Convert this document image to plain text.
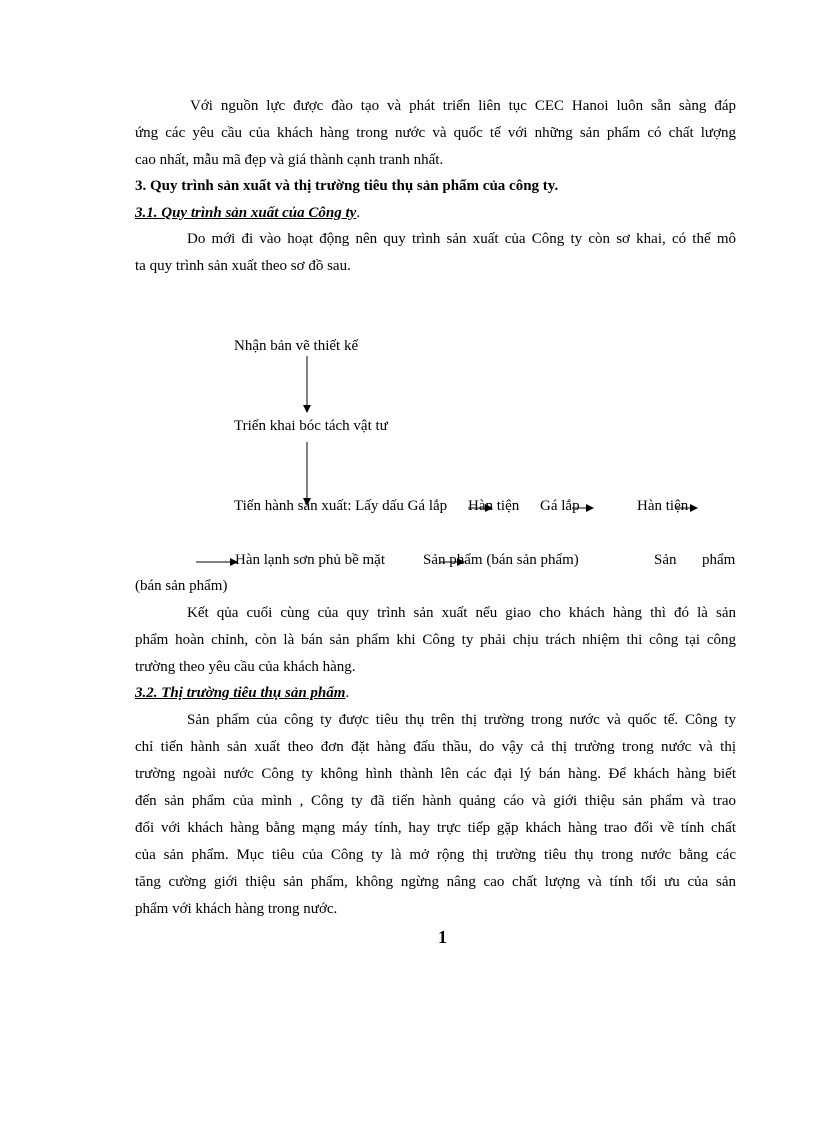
Với nguồn lực được đào tạo và phát triển liên tục CEC Hanoi luôn sẵn sàng đáp
ứng các yêu cầu của khách hàng trong nước và quốc tế với những sản phẩm có chất lượng
cao nhất, mẫu mã đẹp và giá thành cạnh tranh nhất.
3. Quy trình sản xuất và thị trường tiêu thụ sản phẩm của công ty.
3.1. Quy trình sản xuất của Công ty.
Do mới đi vào hoạt động nên quy trình sản xuất của Công ty còn sơ khai, có thể mô
ta quy trình sản xuất theo sơ đồ sau.
Nhận bản vẽ thiết kế
Triển khai bóc tách vật tư
Tiến hành sản xuất: Lấy dấu Gá lắp Hàn tiện Gá lắp	Hàn tiện
Hàn lạnh sơn phủ bề mặt	Sản phẩm (bán sản phẩm)	Sản phẩm
(bán sản phẩm)
Kết qủa cuối cùng của quy trình sản xuất nếu giao cho khách hàng thì đó là sản
phẩm hoàn chỉnh, còn là bán sản phẩm khi Công ty phải chịu trách nhiệm thi công tại công
trường theo yêu cầu của khách hàng.
3.2. Thị trường tiêu thụ sản phẩm.
Sản phẩm của công ty được tiêu thụ trên thị trường trong nước và quốc tế. Công ty
chỉ tiến hành sản xuất theo đơn đặt hàng đấu thầu, do vậy cả thị trường trong nước và thị
trường ngoài nước Công ty không hình thành lên các đại lý bán hàng. Để khách hàng biết
đến sản phẩm của mình , Công ty đã tiến hành quảng cáo và giới thiệu sản phẩm và trao
đổi với khách hàng bằng mạng máy tính, hay trực tiếp gặp khách hàng trao đổi về tính chất
của sản phẩm. Mục tiêu của Công ty là mở rộng thị trường tiêu thụ trong nước bằng các
tăng cường giới thiệu sản phẩm, không ngừng nâng cao chất lượng và tính tối ưu của sản
phẩm với khách hàng trong nước.
1
